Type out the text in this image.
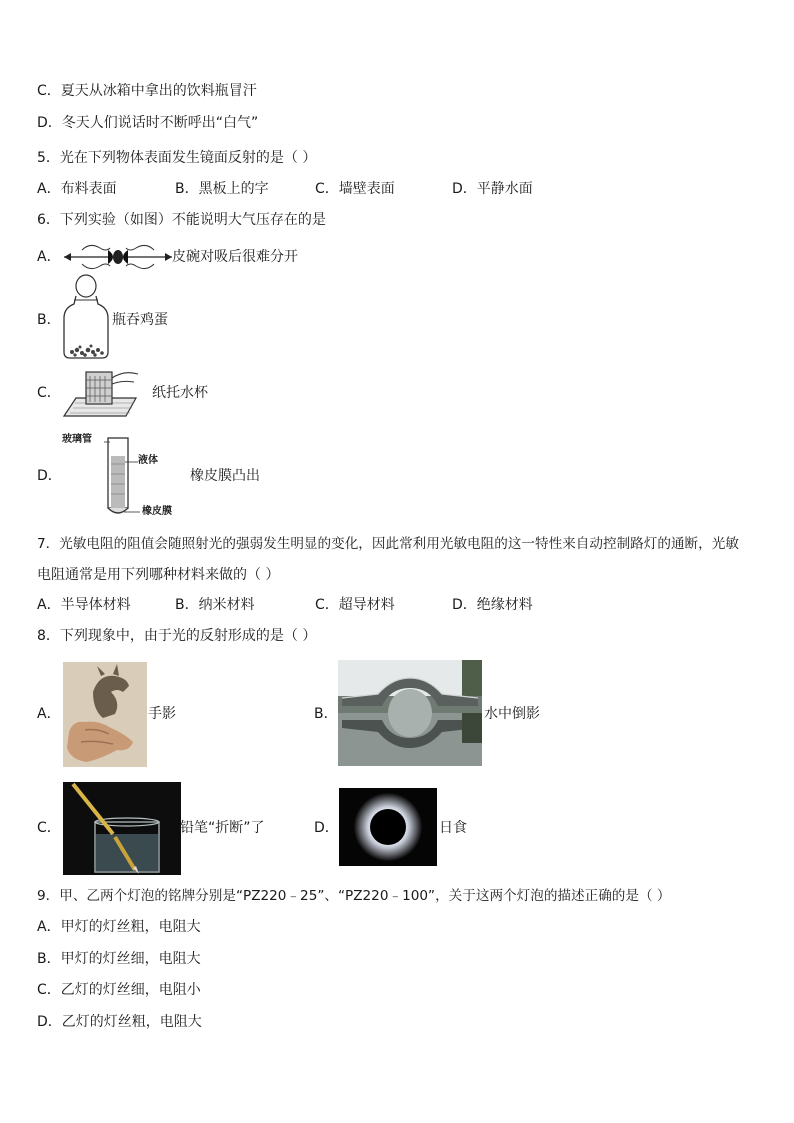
C．夏天从冰箱中拿出的饮料瓶冒汗
D．冬天人们说话时不断呼出“白气”
5．光在下列物体表面发生镜面反射的是（ ）
A．布料表面	B．黑板上的字	C．墙壁表面	D．平静水面
6．下列实验（如图）不能说明大气压存在的是
A．	皮碗对吸后很难分开
B．	瓶吞鸡蛋
C．	纸托水杯
D．
玻璃管
液体
橡皮膜
橡皮膜凸出
7．光敏电阻的阻值会随照射光的强弱发生明显的变化，因此常利用光敏电阻的这一特性来自动控制路灯的通断，光敏
电阻通常是用下列哪种材料来做的（ ）
A．半导体材料	B．纳米材料	C．超导材料	D．绝缘材料
8．下列现象中，由于光的反射形成的是（ ）
A．	手影	B．	水中倒影
C．	铅笔“折断”了	D．	日食
9．甲、乙两个灯泡的铭牌分别是“PZ220﹣25”、“PZ220﹣100”，关于这两个灯泡的描述正确的是（ ）
A．甲灯的灯丝粗，电阻大
B．甲灯的灯丝细，电阻大
C．乙灯的灯丝细，电阻小
D．乙灯的灯丝粗，电阻大
